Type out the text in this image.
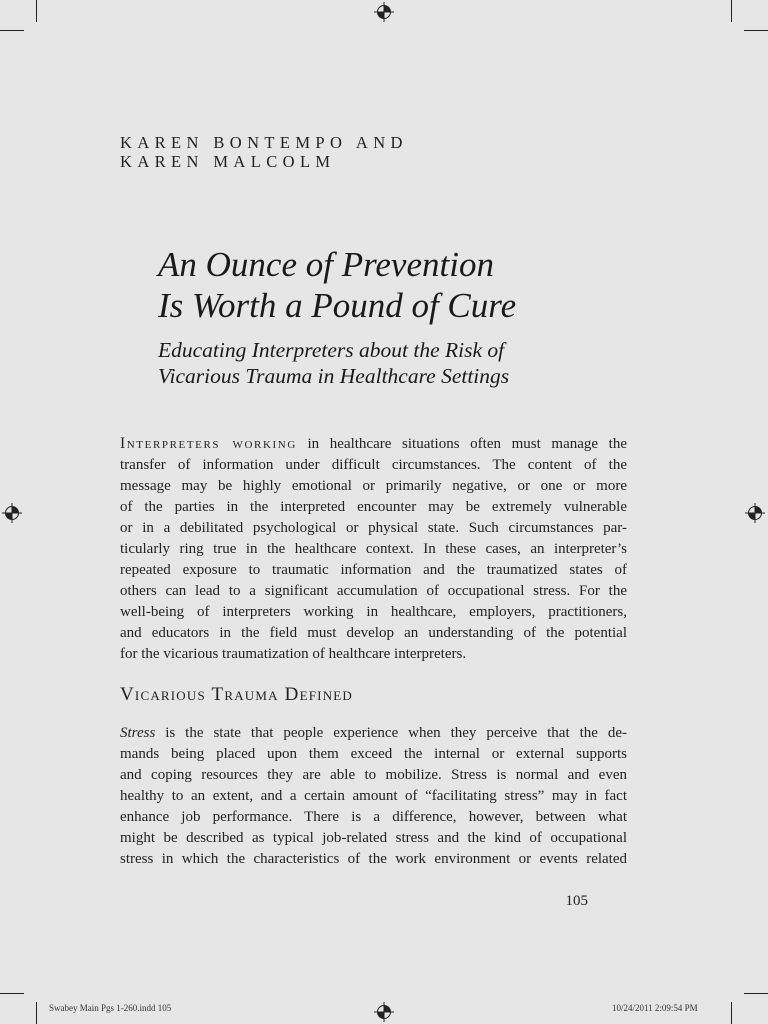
KAREN BONTEMPO AND
KAREN MALCOLM
An Ounce of Prevention
Is Worth a Pound of Cure
Educating Interpreters about the Risk of
Vicarious Trauma in Healthcare Settings
Interpreters working in healthcare situations often must manage the
transfer of information under difficult circumstances. The content of the
message may be highly emotional or primarily negative, or one or more
of the parties in the interpreted encounter may be extremely vulnerable
or in a debilitated psychological or physical state. Such circumstances par-
ticularly ring true in the healthcare context. In these cases, an interpreter’s
repeated exposure to traumatic information and the traumatized states of
others can lead to a significant accumulation of occupational stress. For the
well-being of interpreters working in healthcare, employers, practitioners,
and educators in the field must develop an understanding of the potential
for the vicarious traumatization of healthcare interpreters.
Vicarious Trauma Defined
Stress is the state that people experience when they perceive that the de-
mands being placed upon them exceed the internal or external supports
and coping resources they are able to mobilize. Stress is normal and even
healthy to an extent, and a certain amount of “facilitating stress” may in fact
enhance job performance. There is a difference, however, between what
might be described as typical job-related stress and the kind of occupational
stress in which the characteristics of the work environment or events related
105
Swabey Main Pgs 1-260.indd 105	10/24/2011 2:09:54 PM
